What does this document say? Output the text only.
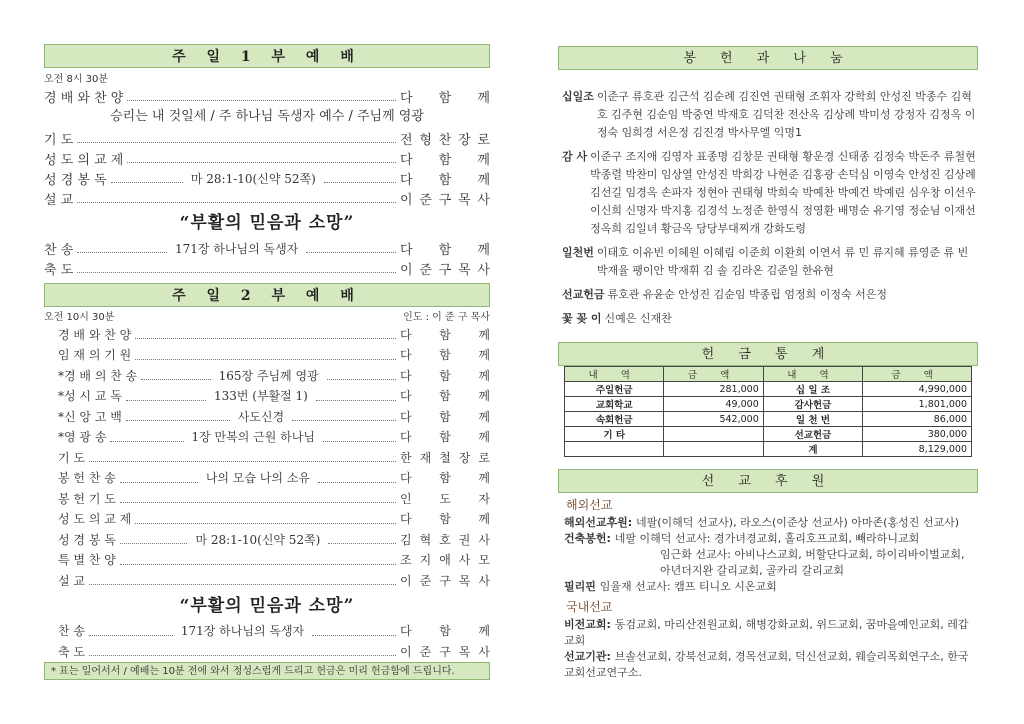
주 일 1 부 예 배
오전 8시 30분
경 배 와 찬 양	다 함 께
승리는 내 것일세 / 주 하나님 독생자 예수 / 주님께 영광
기 도	전 형 찬 장 로
성 도 의 교 제	다 함 께
성 경 봉 독	마 28:1-10(신약 52쪽)	다 함 께
설 교	이 준 구 목 사
“부활의 믿음과 소망”
찬 송	171장 하나님의 독생자	다 함 께
축 도	이 준 구 목 사
주 일 2 부 예 배
오전 10시 30분	인도 : 이 준 구 목사
경 배 와 찬 양	다 함 께
임 재 의 기 원	다 함 께
*경 배 의 찬 송	165장 주님께 영광	다 함 께
*성 시 교 독	133번 (부활절 1)	다 함 께
*신 앙 고 백	사도신경	다 함 께
*영 광 송	1장 만복의 근원 하나님	다 함 께
기 도	한 재 철 장 로
봉 헌 찬 송	나의 모습 나의 소유	다 함 께
봉 헌 기 도	인 도 자
성 도 의 교 제	다 함 께
성 경 봉 독	마 28:1-10(신약 52쪽)	김 혁 호 권 사
특 별 찬 양	조 지 애 사 모
설 교	이 준 구 목 사
“부활의 믿음과 소망”
찬 송	171장 하나님의 독생자	다 함 께
축 도	이 준 구 목 사
* 표는 일어서서 / 예배는 10분 전에 와서 정성스럽게 드리고 헌금은 미리 헌금함에 드립니다.
봉 헌 과 나 눔
십일조 이준구 류호관 김근석 김순례 김진연 권태형 조휘자 강학희 안성진 박종수 김혁호 김주현 김순임 박중연 박재호 김덕찬 전산옥 김상례 박미성 강정자 김정옥 이정숙 임희경 서은정 김진경 박사무엘 익명1
감 사 이준구 조지애 김영자 표종명 김창문 권태형 황운경 신태종 김정숙 박돈주 류철현 박종렬 박찬미 임상열 안성진 박희강 나현준 김홍광 손덕심 이영숙 안성진 김상례 김선길 임경옥 손파자 정현아 권태형 박희숙 박예찬 박예건 박예린 심우창 이선우 이신희 신명자 박지홍 김경석 노정준 한영식 정영환 배명순 유기영 정순님 이재선 정옥희 김일녀 황금옥 당당부대찌개 강화도령
일천번 이태호 이유빈 이혜원 이혜림 이준희 이환희 이연서 류 민 류지혜 류영준 류 빈 박재율 팽이안 박재휘 김 솔 김라온 김준일 한유현
선교헌금 류호관 유윤순 안성진 김순임 박종립 엄정희 이정숙 서은정
꽃 꽂 이 신예은 신재찬
헌 금 통 계
내 역	금 액	내 역	금 액
주일헌금	281,000	십 일 조	4,990,000
교회학교	49,000	감사헌금	1,801,000
속회헌금	542,000	일 천 번	86,000
기 타		선교헌금	380,000
		계	8,129,000
선 교 후 원
해외선교
해외선교후원: 네팔(이해덕 선교사), 라오스(이준상 선교사) 아마존(홍성진 선교사)
건축봉헌: 네팔 이해덕 선교사: 경가녀경교회, 홀리호프교회, 빼라하니교회
임근화 선교사: 아비나스교회, 버할단다교회, 하이리바이벌교회, 아년더지완 갈리교회, 골카리 갈리교회
필리핀 임율재 선교사: 캠프 티니오 시온교회
국내선교
비전교회: 동검교회, 마리산전원교회, 해병강화교회, 위드교회, 꿈마을예인교회, 레갑교회
선교기관: 브솔선교회, 강북선교회, 경목선교회, 덕신선교회, 웨슬리목회연구소, 한국교회선교연구소.
